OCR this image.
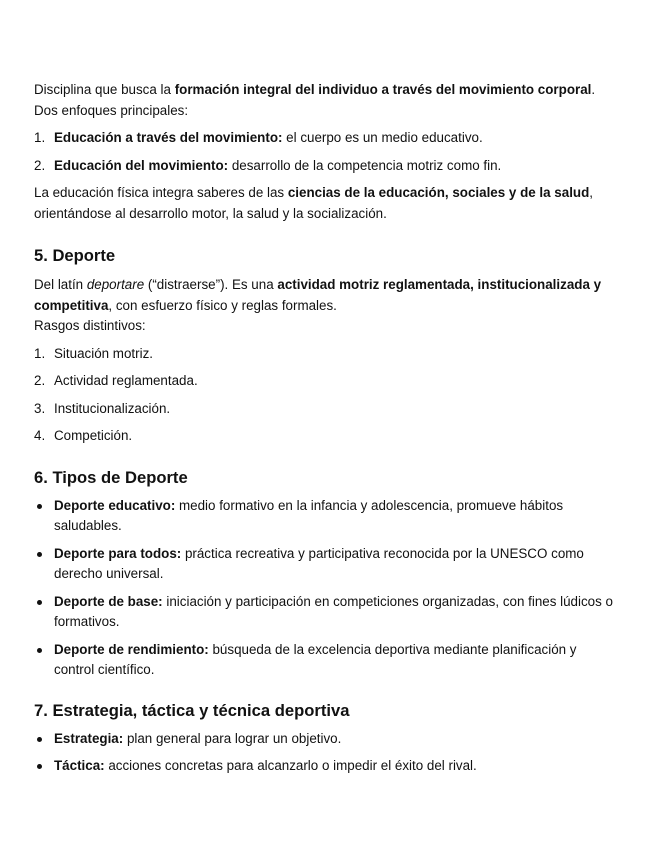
Disciplina que busca la formación integral del individuo a través del movimiento corporal.

Dos enfoques principales:

1. Educación a través del movimiento: el cuerpo es un medio educativo.
2. Educación del movimiento: desarrollo de la competencia motriz como fin.

La educación física integra saberes de las ciencias de la educación, sociales y de la salud, orientándose al desarrollo motor, la salud y la socialización.

5. Deporte

Del latín deportare (“distraerse”). Es una actividad motriz reglamentada, institucionalizada y competitiva, con esfuerzo físico y reglas formales.

Rasgos distintivos:

1. Situación motriz.
2. Actividad reglamentada.
3. Institucionalización.
4. Competición.
6. Tipos de Deporte
Deporte educativo: medio formativo en la infancia y adolescencia, promueve hábitos saludables.
Deporte para todos: práctica recreativa y participativa reconocida por la UNESCO como derecho universal.
Deporte de base: iniciación y participación en competiciones organizadas, con fines lúdicos o formativos.
Deporte de rendimiento: búsqueda de la excelencia deportiva mediante planificación y control científico.
7. Estrategia, táctica y técnica deportiva
Estrategia: plan general para lograr un objetivo.
Táctica: acciones concretas para alcanzarlo o impedir el éxito del rival.
